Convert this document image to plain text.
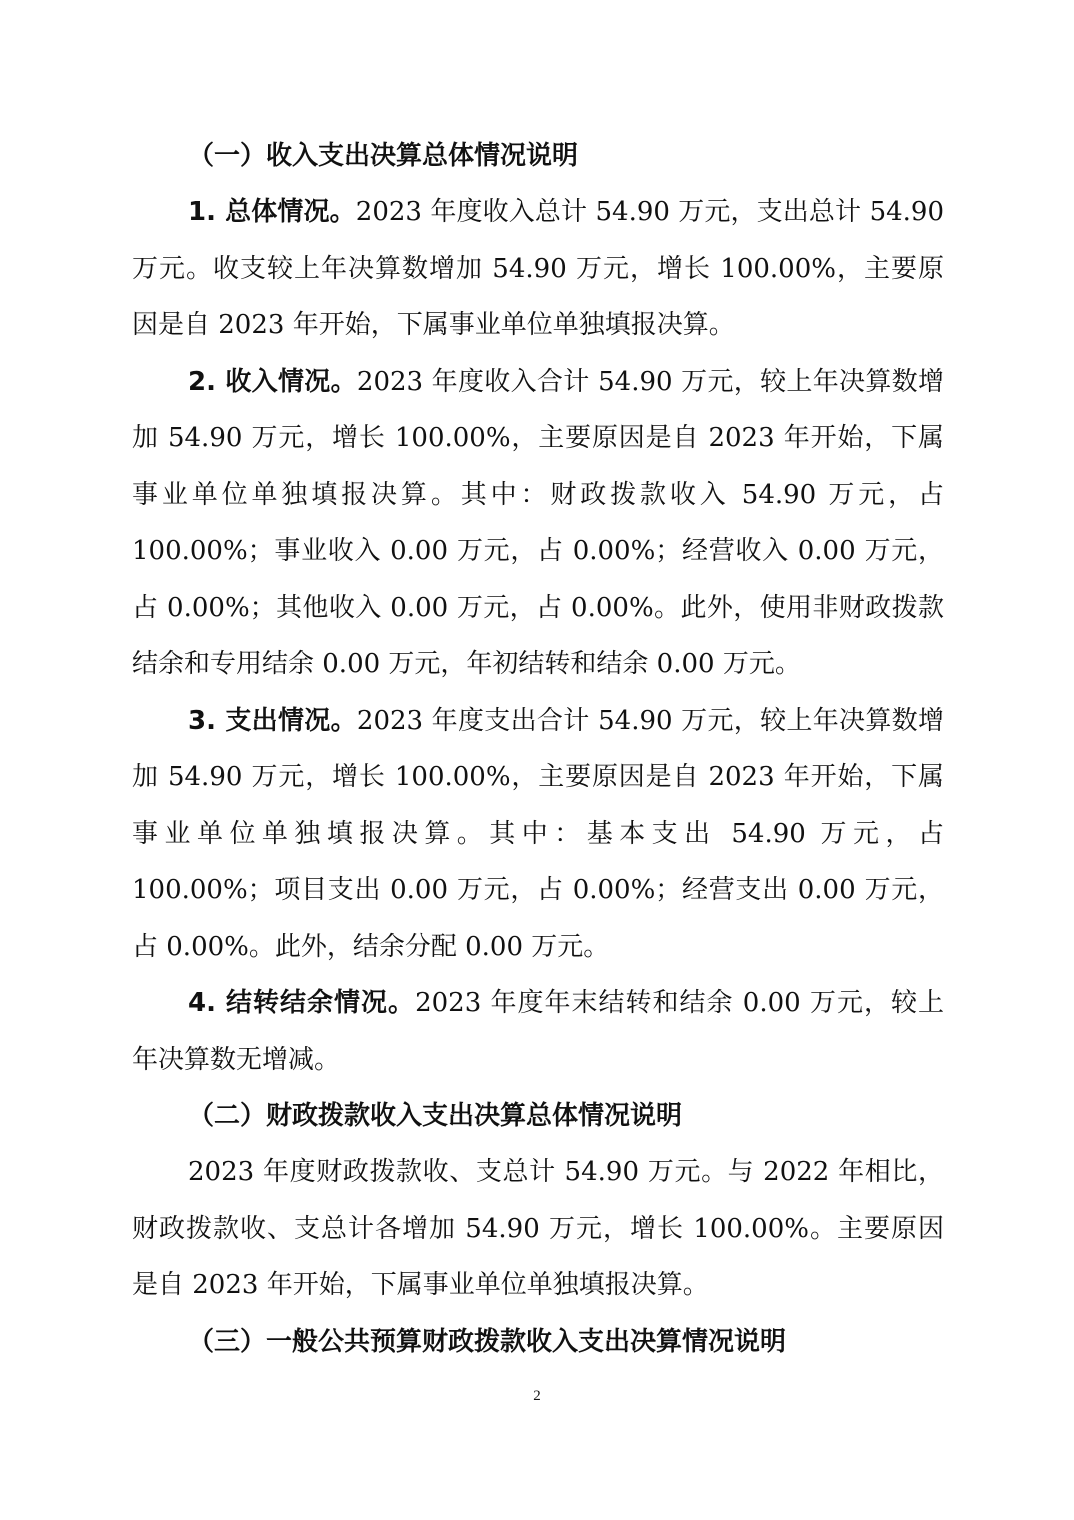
（一）收入支出决算总体情况说明

1. 总体情况。2023 年度收入总计 54.90 万元，支出总计 54.90 万元。收支较上年决算数增加 54.90 万元，增长 100.00%，主要原因是自 2023 年开始，下属事业单位单独填报决算。

2. 收入情况。2023 年度收入合计 54.90 万元，较上年决算数增加 54.90 万元，增长 100.00%，主要原因是自 2023 年开始，下属事业单位单独填报决算。其中：财政拨款收入 54.90 万元，占 100.00%；事业收入 0.00 万元，占 0.00%；经营收入 0.00 万元，占 0.00%；其他收入 0.00 万元，占 0.00%。此外，使用非财政拨款结余和专用结余 0.00 万元，年初结转和结余 0.00 万元。

3. 支出情况。2023 年度支出合计 54.90 万元，较上年决算数增加 54.90 万元，增长 100.00%，主要原因是自 2023 年开始，下属事业单位单独填报决算。其中：基本支出 54.90 万元，占 100.00%；项目支出 0.00 万元，占 0.00%；经营支出 0.00 万元，占 0.00%。此外，结余分配 0.00 万元。

4. 结转结余情况。2023 年度年末结转和结余 0.00 万元，较上年决算数无增减。

（二）财政拨款收入支出决算总体情况说明

2023 年度财政拨款收、支总计 54.90 万元。与 2022 年相比，财政拨款收、支总计各增加 54.90 万元，增长 100.00%。主要原因是自 2023 年开始，下属事业单位单独填报决算。

（三）一般公共预算财政拨款收入支出决算情况说明

2
